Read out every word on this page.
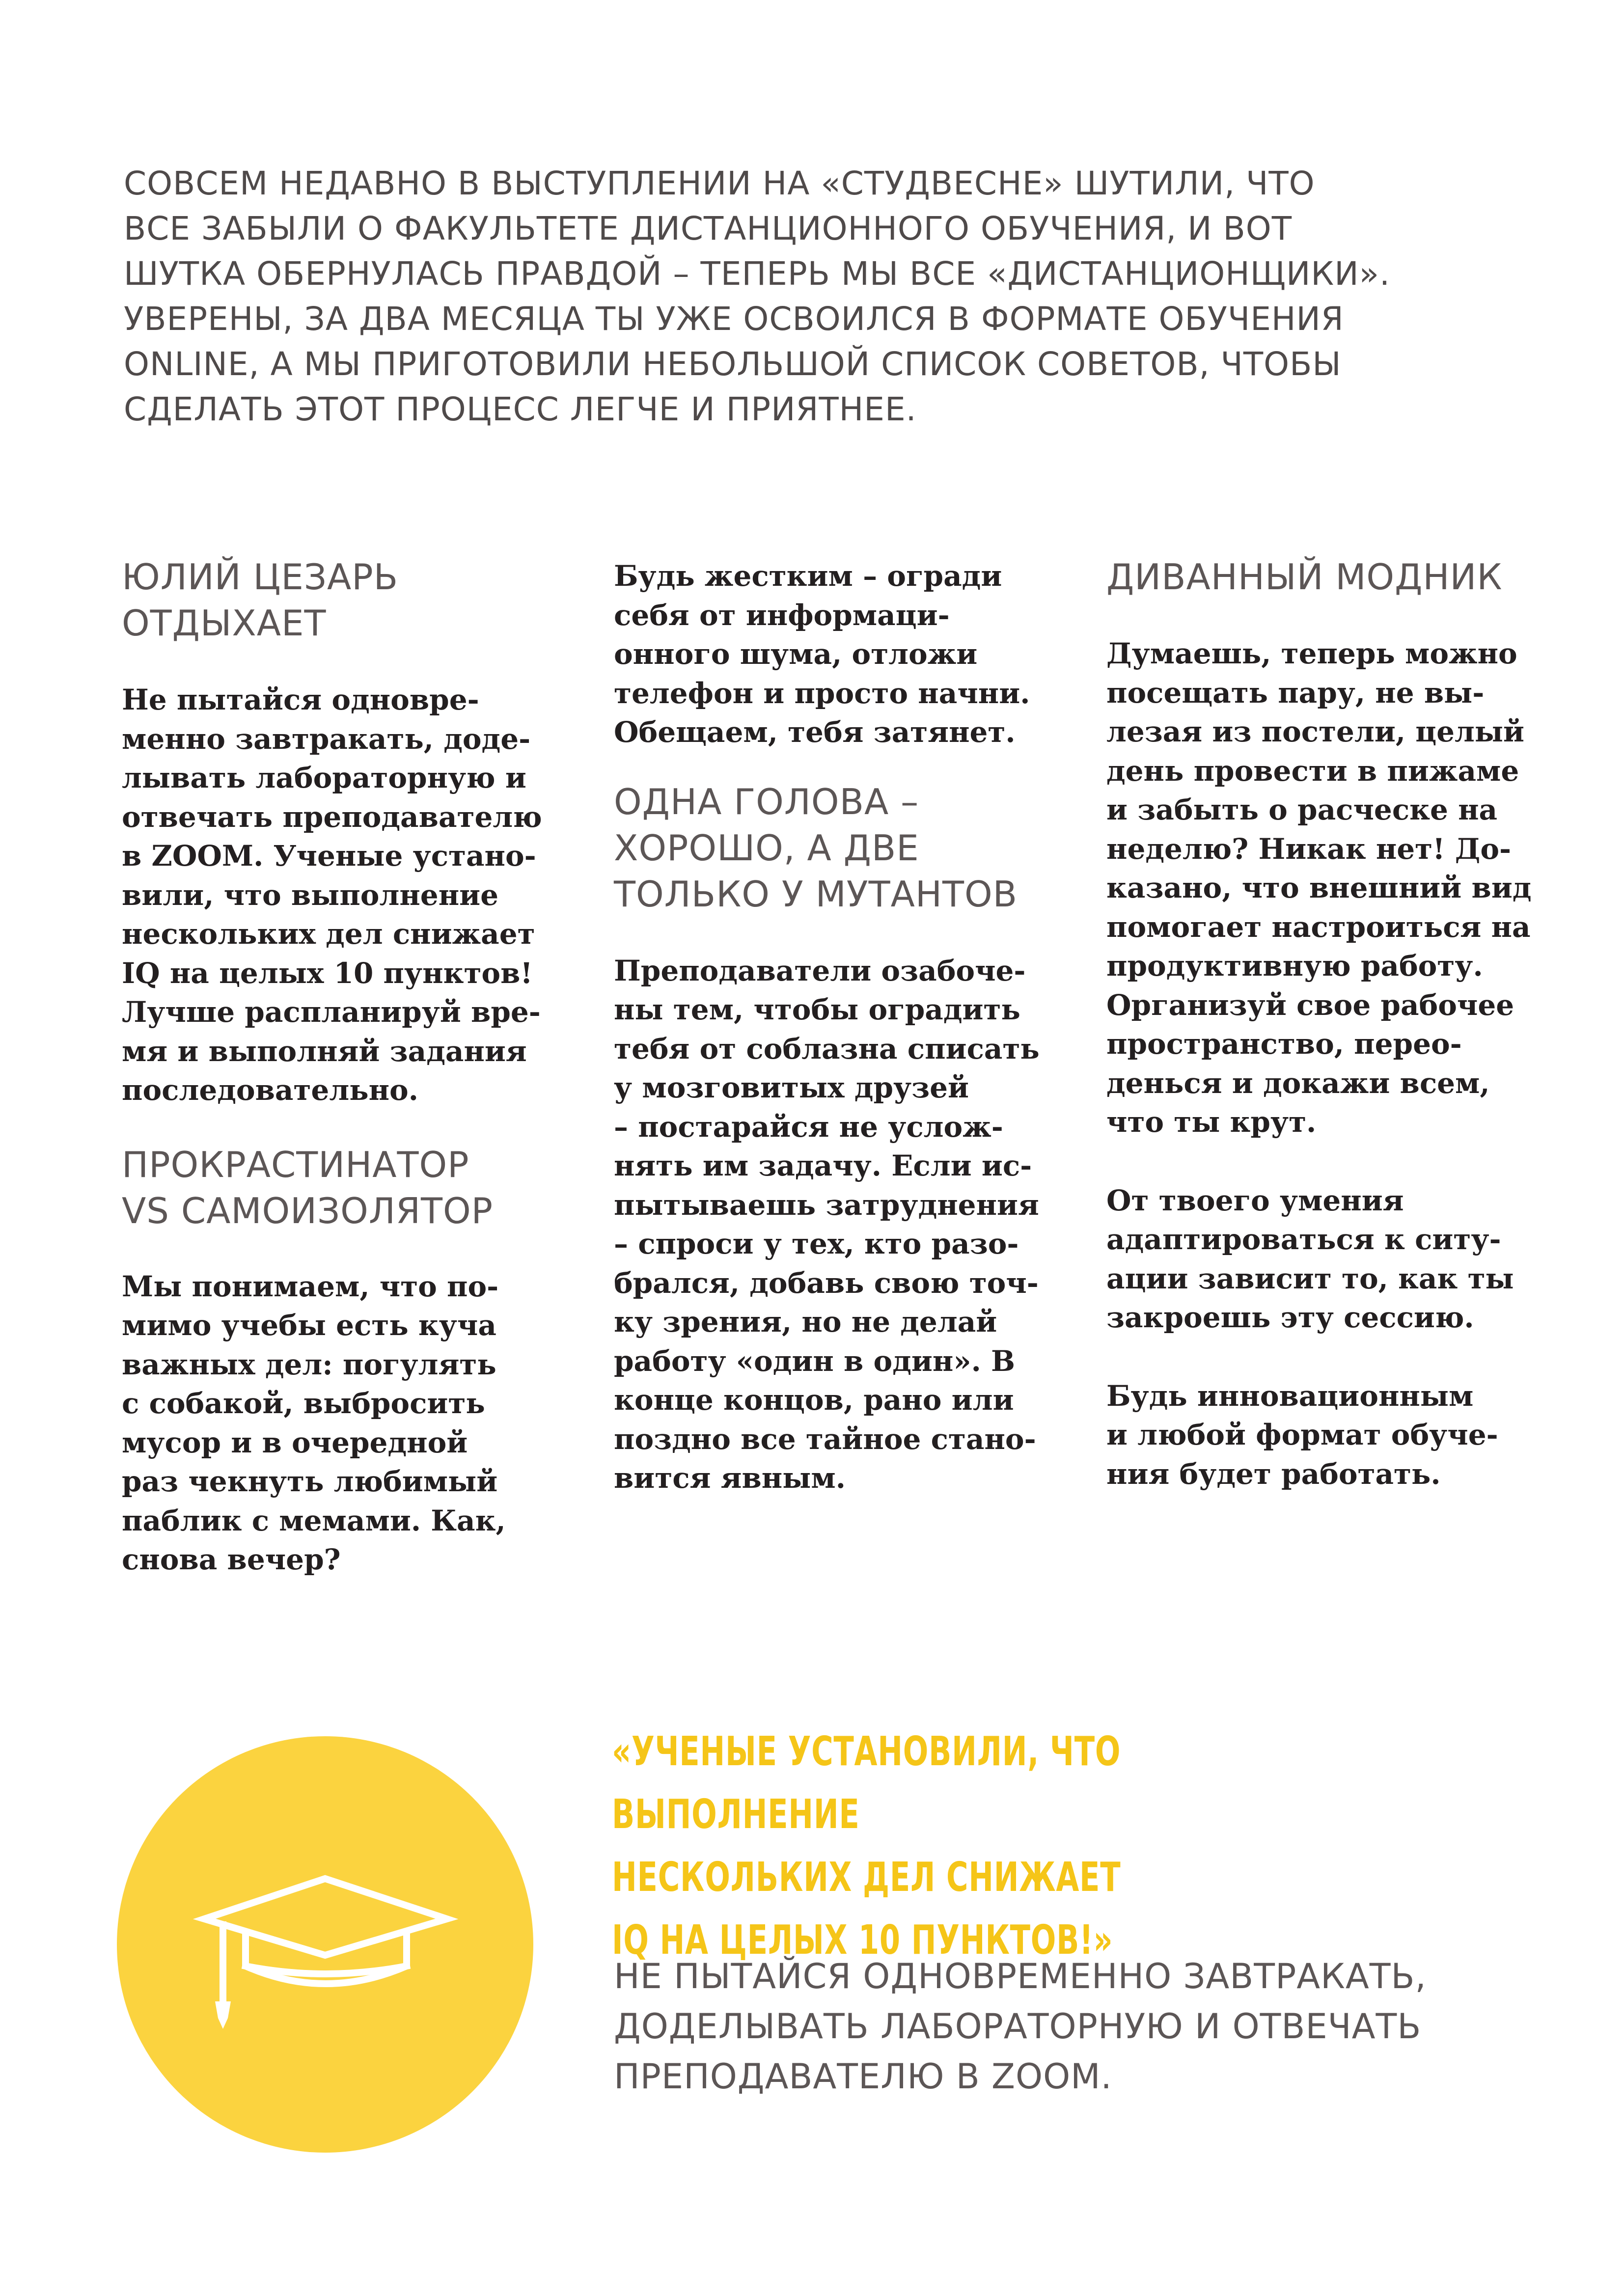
СОВСЕМ НЕДАВНО В ВЫСТУПЛЕНИИ НА «СТУДВЕСНЕ» ШУТИЛИ, ЧТО

ВСЕ ЗАБЫЛИ О ФАКУЛЬТЕТЕ ДИСТАНЦИОННОГО ОБУЧЕНИЯ, И ВОТ

ШУТКА ОБЕРНУЛАСЬ ПРАВДОЙ – ТЕПЕРЬ МЫ ВСЕ «ДИСТАНЦИОНЩИКИ».

УВЕРЕНЫ, ЗА ДВА МЕСЯЦА ТЫ УЖЕ ОСВОИЛСЯ В ФОРМАТЕ ОБУЧЕНИЯ

ONLINE, А МЫ ПРИГОТОВИЛИ НЕБОЛЬШОЙ СПИСОК СОВЕТОВ, ЧТОБЫ

СДЕЛАТЬ ЭТОТ ПРОЦЕСС ЛЕГЧЕ И ПРИЯТНЕЕ.

ЮЛИЙ ЦЕЗАРЬ
ОТДЫХАЕТ

Не пытайся одновре-
менно завтракать, доде-
лывать лабораторную и
отвечать преподавателю
в ZOOM. Ученые устано-
вили, что выполнение
нескольких дел снижает
IQ на целых 10 пунктов!
Лучше распланируй вре-
мя и выполняй задания
последовательно.

ПРОКРАСТИНАТОР
VS САМОИЗОЛЯТОР

Мы понимаем, что по-
мимо учебы есть куча
важных дел: погулять
с собакой, выбросить
мусор и в очередной
раз чекнуть любимый
паблик с мемами. Как,
снова вечер?

Будь жестким – огради
себя от информаци-
онного шума, отложи
телефон и просто начни.
Обещаем, тебя затянет.

ОДНА ГОЛОВА –
ХОРОШО, А ДВЕ
ТОЛЬКО У МУТАНТОВ

Преподаватели озабоче-
ны тем, чтобы оградить
тебя от соблазна списать
у мозговитых друзей
– постарайся не услож-
нять им задачу. Если ис-
пытываешь затруднения
– спроси у тех, кто разо-
брался, добавь свою точ-
ку зрения, но не делай
работу «один в один». В
конце концов, рано или
поздно все тайное стано-
вится явным.

ДИВАННЫЙ МОДНИК

Думаешь, теперь можно
посещать пару, не вы-
лезая из постели, целый
день провести в пижаме
и забыть о расческе на
неделю? Никак нет! До-
казано, что внешний вид
помогает настроиться на
продуктивную работу.
Организуй свое рабочее
пространство, переo-
денься и докажи всем,
что ты крут.

От твоего умения
адаптироваться к ситу-
ации зависит то, как ты
закроешь эту сессию.

Будь инновационным
и любой формат обуче-
ния будет работать.

«УЧЕНЫЕ УСТАНОВИЛИ, ЧТО ВЫПОЛНЕНИЕ

НЕСКОЛЬКИХ ДЕЛ СНИЖАЕТ

IQ НА ЦЕЛЫХ 10 ПУНКТОВ!»

НЕ ПЫТАЙСЯ ОДНОВРЕМЕННО ЗАВТРАКАТЬ,

ДОДЕЛЫВАТЬ ЛАБОРАТОРНУЮ И ОТВЕЧАТЬ

ПРЕПОДАВАТЕЛЮ В ZOOM.
